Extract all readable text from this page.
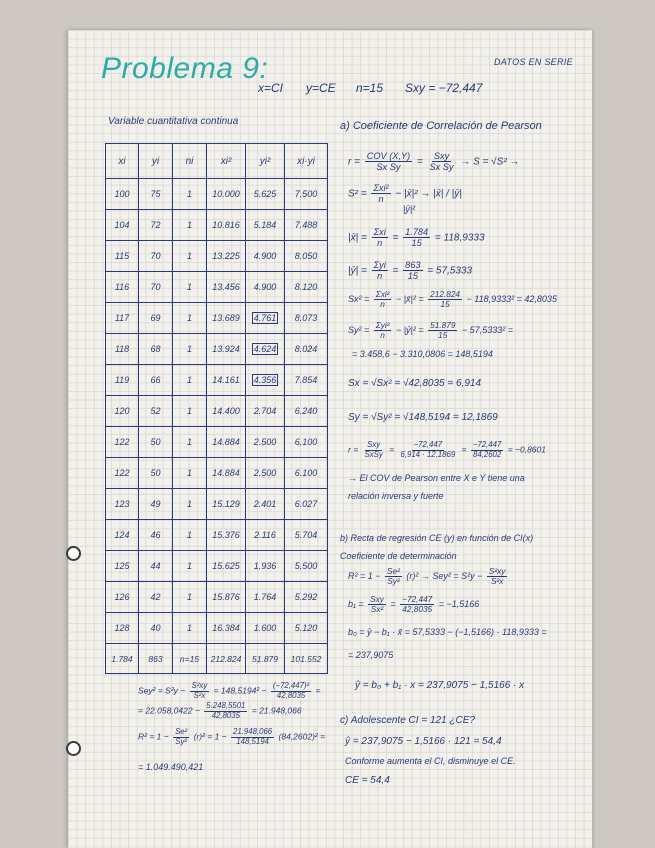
Problema 9:
x=CI y=CE n=15 Sxy = −72,447
DATOS EN SERIE
Variable cuantitativa continua
xi	yi	ni	xi²	yi²	xi·yi
100 75	1 10.000 5.625 7.500
104 72	1 10.816 5.184 7.488
115 70	1 13.225 4.900 8.050
116 70	1 13.456 4.900 8.120
117 69	1 13.689 4.761 8.073
118 68	1 13.924 4.624 8.024
119 66	1 14.161 4.356 7.854
120 52	1 14.400 2.704 6.240
122 50	1 14.884 2.500 6.100
122 50	1 14.884 2.500 6.100
123 49	1 15.129 2.401 6.027
124 46	1 15.376 2.116 5.704
125 44	1 15.625 1.936 5.500
126 42	1 15.876 1.764 5.292
128 40	1 16.384 1.600 5.120
1.784 863 n=15 212.824 51.879 101.552
a) Coeficiente de Correlación de Pearson
$r = \frac{\text{COV (X,Y)}}{\text{Sx Sy}} = \frac{\text{Sxy}}{\text{Sx Sy}} \to S = √S^2$ →
$S^2 = \frac{\text{Σxi²}}{n}$ − |x̄|² → |x̄| / |ȳ|
|ȳ|²
|x̄| = $\frac{\text{Σxi}}{n} = \frac{1.784}{15} = 118,9333$
|ȳ| = $\frac{\text{Σyi}}{n} = \frac{863}{15} = 57,5333$
$Sx^2 = \frac{\text{Σxi²}}{n}$ − |x̄|² = $\frac{212.824}{15} - 118,9333^2 = 42,8035$
$Sy^2 = \frac{\text{Σyi²}}{n}$ − |ȳ|² = $\frac{51.879}{15} - 57,5333^2$ =
= 3.458,6 − 3.310,0806 = 148,5194
Sx = √Sx² = √42,8035 = 6,914
Sy = √Sy² = √148,5194 = 12,1869
$r = \frac{\text{Sxy}}{\text{SxSy}} = \frac{-72,447}{6,914 \cdot 12,1869} = \frac{-72,447}{84,2602} = -0,8601$
→ El COV de Pearson entre X e Y tiene una
relación inversa y fuerte
b) Recta de regresión CE (y) en función de CI(x)
Coeficiente de determinación
$R^2 = 1 - \frac{\text{Se²}}{\text{Sy²}} (r)^2 \to Sey^2 = S^2y - \frac{\text{S²xy}}{\text{S²x}}$
$b_1 = \frac{\text{Sxy}}{\text{Sx²}} = \frac{-72,447}{42,8035} = -1,5166$
b₀ = ȳ − b₁ · x̄ = 57,5333 − (−1,5166) · 118,9333 =
= 237,9075
ŷ = b₀ + b₁ · x = 237,9075 − 1,5166 · x
$Sey^2 = S^2y - \frac{\text{S²xy}}{\text{S²x}} = 148,5194^2 - \frac{\text{(−72,447)²}}{42,8035}$ =
= $22.058,0422 - \frac{5.248,5501}{42,8035} = 21.948,066$
$R^2 = 1 - \frac{\text{Se²}}{\text{Sy²}} (r)^2 = 1 - \frac{21.948,066}{148,5194} (84,2602)^2$ =
= 1.049.490,421
c) Adolescente CI = 121 ¿CE?
ŷ = 237,9075 − 1,5166 · 121 = 54,4
Conforme aumenta el CI, disminuye el CE.
CE = 54,4
